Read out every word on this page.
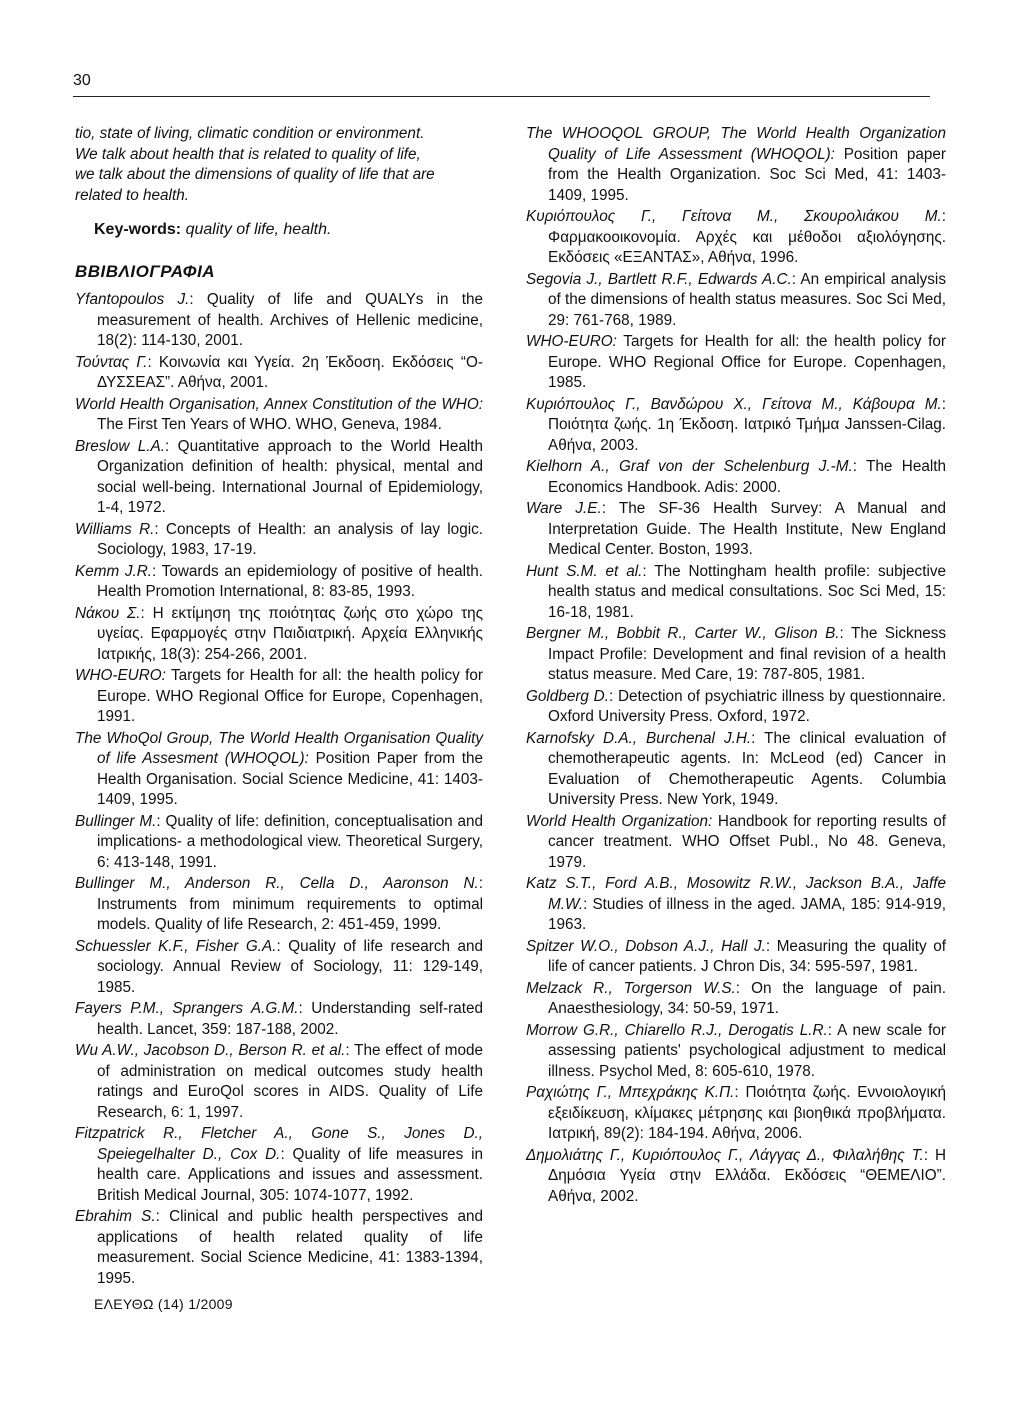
30

tio, state of living, climatic condition or environment.
We talk about health that is related to quality of life,
we talk about the dimensions of quality of life that are
related to health.

Key-words: quality of life, health.

ΒΒΙΒΛΙΟΓΡΑΦΙΑ

Yfantopoulos J.: Quality of life and QUALYs in the measurement of health. Archives of Hellenic medicine, 18(2): 114-130, 2001.

Τούντας Γ.: Κοινωνία και Υγεία. 2η Έκδοση. Εκδόσεις “Ο-ΔΥΣΣΕΑΣ”. Αθήνα, 2001.

World Health Organisation, Annex Constitution of the WHO: The First Ten Years of WHO. WHO, Geneva, 1984.

Breslow L.A.: Quantitative approach to the World Health Organization definition of health: physical, mental and social well-being. International Journal of Epidemiology, 1-4, 1972.

Williams R.: Concepts of Health: an analysis of lay logic. Sociology, 1983, 17-19.

Kemm J.R.: Towards an epidemiology of positive of health. Health Promotion International, 8: 83-85, 1993.

Νάκου Σ.: Η εκτίμηση της ποιότητας ζωής στο χώρο της υγείας. Εφαρμογές στην Παιδιατρική. Αρχεία Ελληνικής Ιατρικής, 18(3): 254-266, 2001.

WHO-EURO: Targets for Health for all: the health policy for Europe. WHO Regional Office for Europe, Copenhagen, 1991.

The WhoQol Group, The World Health Organisation Quality of life Assesment (WHOQOL): Position Paper from the Health Organisation. Social Science Medicine, 41: 1403-1409, 1995.

Bullinger M.: Quality of life: definition, conceptualisation and implications- a methodological view. Theoretical Surgery, 6: 413-148, 1991.

Bullinger M., Anderson R., Cella D., Aaronson N.: Instruments from minimum requirements to optimal models. Quality of life Research, 2: 451-459, 1999.

Schuessler K.F., Fisher G.A.: Quality of life research and sociology. Annual Review of Sociology, 11: 129-149, 1985.

Fayers P.M., Sprangers A.G.M.: Understanding self-rated health. Lancet, 359: 187-188, 2002.

Wu A.W., Jacobson D., Berson R. et al.: The effect of mode of administration on medical outcomes study health ratings and EuroQol scores in AIDS. Quality of Life Research, 6: 1, 1997.

Fitzpatrick R., Fletcher A., Gone S., Jones D., Speiegelhalter D., Cox D.: Quality of life measures in health care. Applications and issues and assessment. British Medical Journal, 305: 1074-1077, 1992.

Ebrahim S.: Clinical and public health perspectives and applications of health related quality of life measurement. Social Science Medicine, 41: 1383-1394, 1995.

The WHOOQOL GROUP, The World Health Organization Quality of Life Assessment (WHOQOL): Position paper from the Health Organization. Soc Sci Med, 41: 1403-1409, 1995.

Κυριόπουλος Γ., Γείτονα Μ., Σκουρολιάκου Μ.: Φαρμακοοικονομία. Αρχές και μέθοδοι αξιολόγησης. Εκδόσεις «ΕΞΑΝΤΑΣ», Αθήνα, 1996.

Segovia J., Bartlett R.F., Edwards A.C.: An empirical analysis of the dimensions of health status measures. Soc Sci Med, 29: 761-768, 1989.

WHO-EURO: Targets for Health for all: the health policy for Europe. WHO Regional Office for Europe. Copenhagen, 1985.

Κυριόπουλος Γ., Βανδώρου Χ., Γείτονα Μ., Κάβουρα Μ.: Ποιότητα ζωής. 1η Έκδοση. Ιατρικό Τμήμα Janssen-Cilag. Αθήνα, 2003.

Kielhorn A., Graf von der Schelenburg J.-M.: The Health Economics Handbook. Adis: 2000.

Ware J.E.: The SF-36 Health Survey: A Manual and Interpretation Guide. The Health Institute, New England Medical Center. Boston, 1993.

Hunt S.M. et al.: The Nottingham health profile: subjective health status and medical consultations. Soc Sci Med, 15: 16-18, 1981.

Bergner M., Bobbit R., Carter W., Glison B.: The Sickness Impact Profile: Development and final revision of a health status measure. Med Care, 19: 787-805, 1981.

Goldberg D.: Detection of psychiatric illness by questionnaire. Oxford University Press. Oxford, 1972.

Karnofsky D.A., Burchenal J.H.: The clinical evaluation of chemotherapeutic agents. In: McLeod (ed) Cancer in Evaluation of Chemotherapeutic Agents. Columbia University Press. New York, 1949.

World Health Organization: Handbook for reporting results of cancer treatment. WHO Offset Publ., No 48. Geneva, 1979.

Katz S.T., Ford A.B., Mosowitz R.W., Jackson B.A., Jaffe M.W.: Studies of illness in the aged. JAMA, 185: 914-919, 1963.

Spitzer W.O., Dobson A.J., Hall J.: Measuring the quality of life of cancer patients. J Chron Dis, 34: 595-597, 1981.

Melzack R., Torgerson W.S.: On the language of pain. Anaesthesiology, 34: 50-59, 1971.

Morrow G.R., Chiarello R.J., Derogatis L.R.: A new scale for assessing patients' psychological adjustment to medical illness. Psychol Med, 8: 605-610, 1978.

Ραχιώτης Γ., Μπεχράκης Κ.Π.: Ποιότητα ζωής. Εννοιολογική εξειδίκευση, κλίμακες μέτρησης και βιοηθικά προβλήματα. Ιατρική, 89(2): 184-194. Αθήνα, 2006.

Δημολιάτης Γ., Κυριόπουλος Γ., Λάγγας Δ., Φιλαλήθης Τ.: Η Δημόσια Υγεία στην Ελλάδα. Εκδόσεις “ΘΕΜΕΛΙΟ”. Αθήνα, 2002.

ΕΛΕΥΘΩ (14) 1/2009
